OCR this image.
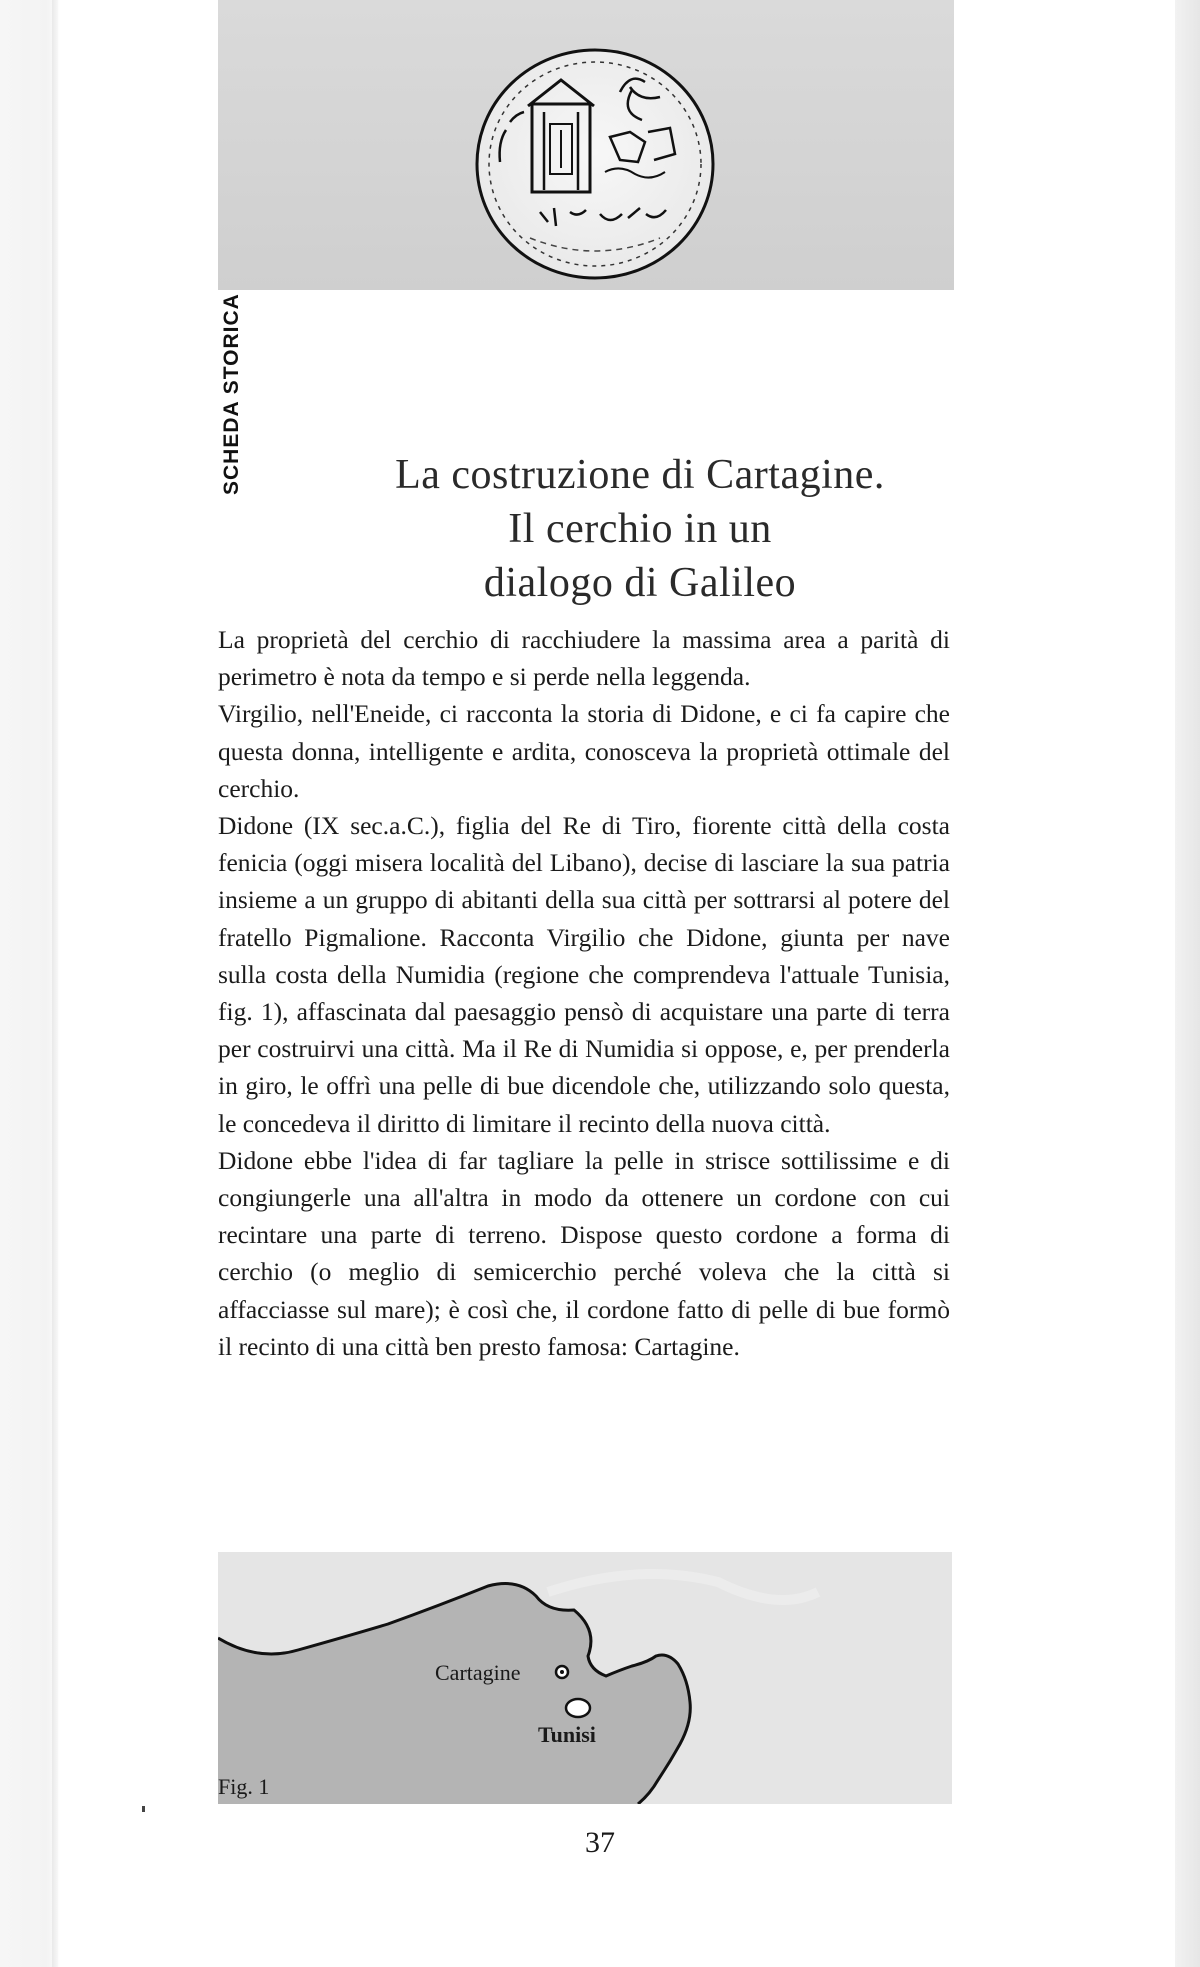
SCHEDA STORICA	La costruzione di Cartagine.
Il cerchio in un
dialogo di Galileo

La proprietà del cerchio di racchiudere la massima area a parità di perimetro è nota da tempo e si perde nella leggenda.

Virgilio, nell'Eneide, ci racconta la storia di Didone, e ci fa capire che questa donna, intelligente e ardita, conosceva la proprietà ottimale del cerchio.

Didone (IX sec.a.C.), figlia del Re di Tiro, fiorente città della costa fenicia (oggi misera località del Libano), decise di lasciare la sua patria insieme a un gruppo di abitanti della sua città per sottrarsi al potere del fratello Pigmalione. Racconta Virgilio che Didone, giunta per nave sulla costa della Numidia (regione che comprendeva l'attuale Tunisia, fig. 1), affascinata dal paesaggio pensò di acquistare una parte di terra per costruirvi una città. Ma il Re di Numidia si oppose, e, per prenderla in giro, le offrì una pelle di bue dicendole che, utilizzando solo questa, le concedeva il diritto di limitare il recinto della nuova città.

Didone ebbe l'idea di far tagliare la pelle in strisce sottilissime e di congiungerle una all'altra in modo da ottenere un cordone con cui recintare una parte di terreno. Dispose questo cordone a forma di cerchio (o meglio di semicerchio perché voleva che la città si affacciasse sul mare); è così che, il cordone fatto di pelle di bue formò il recinto di una città ben presto famosa: Cartagine.

Cartagine
Tunisi
Fig. 1
37
